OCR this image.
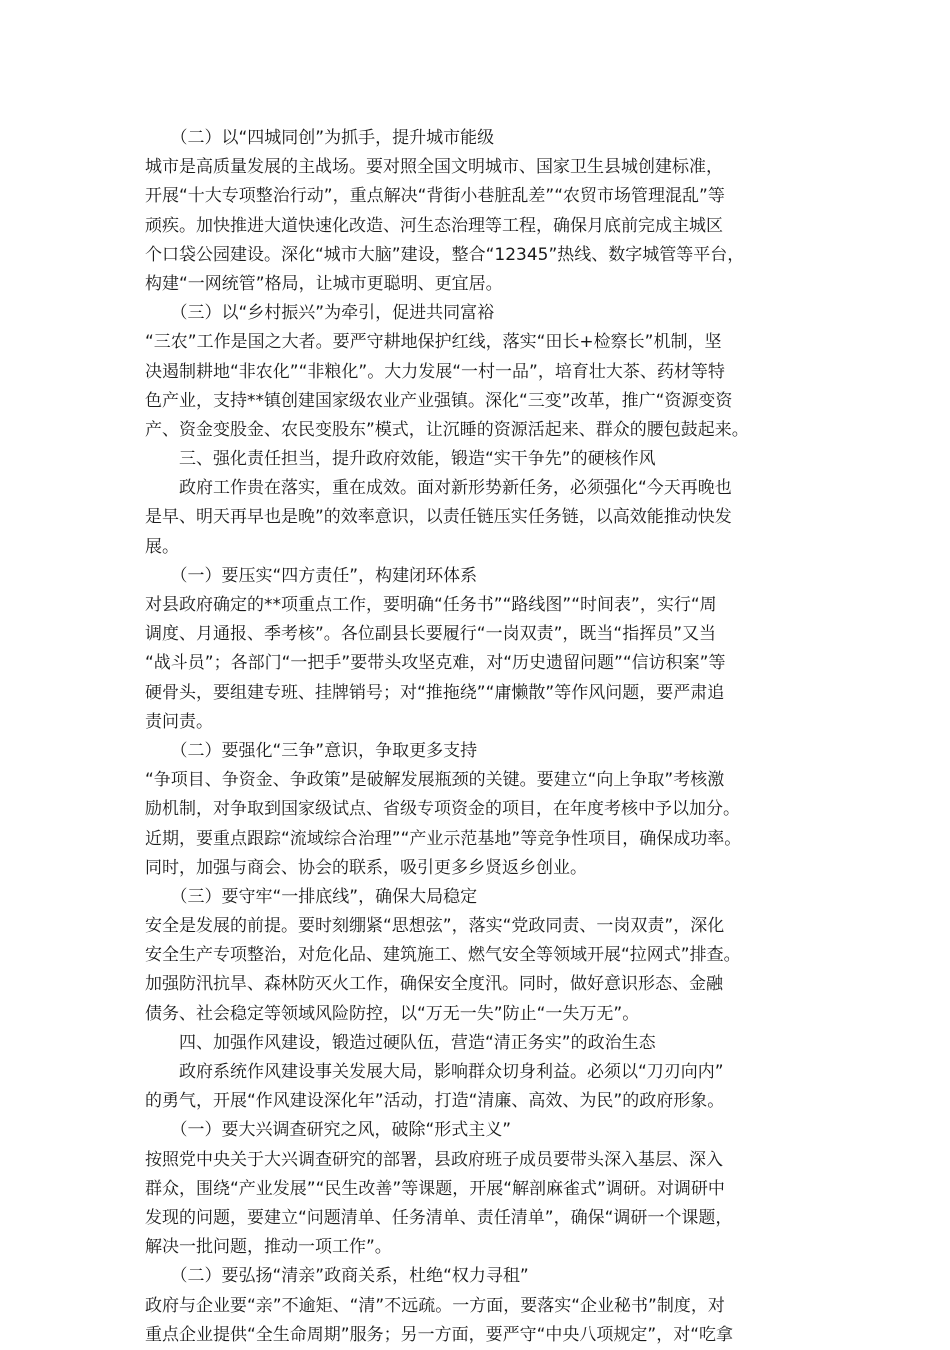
　　（二）以“四城同创”为抓手，提升城市能级
城市是高质量发展的主战场。要对照全国文明城市、国家卫生县城创建标准，
开展“十大专项整治行动”，重点解决“背街小巷脏乱差”“农贸市场管理混乱”等
顽疾。加快推进大道快速化改造、河生态治理等工程，确保月底前完成主城区
个口袋公园建设。深化“城市大脑”建设，整合“12345”热线、数字城管等平台，
构建“一网统管”格局，让城市更聪明、更宜居。
　　（三）以“乡村振兴”为牵引，促进共同富裕
“三农”工作是国之大者。要严守耕地保护红线，落实“田长+检察长”机制，坚
决遏制耕地“非农化”“非粮化”。大力发展“一村一品”，培育壮大茶、药材等特
色产业，支持**镇创建国家级农业产业强镇。深化“三变”改革，推广“资源变资
产、资金变股金、农民变股东”模式，让沉睡的资源活起来、群众的腰包鼓起来。
　　三、强化责任担当，提升政府效能，锻造“实干争先”的硬核作风
　　政府工作贵在落实，重在成效。面对新形势新任务，必须强化“今天再晚也
是早、明天再早也是晚”的效率意识，以责任链压实任务链，以高效能推动快发
展。
　　（一）要压实“四方责任”，构建闭环体系
对县政府确定的**项重点工作，要明确“任务书”“路线图”“时间表”，实行“周
调度、月通报、季考核”。各位副县长要履行“一岗双责”，既当“指挥员”又当
“战斗员”；各部门“一把手”要带头攻坚克难，对“历史遗留问题”“信访积案”等
硬骨头，要组建专班、挂牌销号；对“推拖绕”“庸懒散”等作风问题，要严肃追
责问责。
　　（二）要强化“三争”意识，争取更多支持
“争项目、争资金、争政策”是破解发展瓶颈的关键。要建立“向上争取”考核激
励机制，对争取到国家级试点、省级专项资金的项目，在年度考核中予以加分。
近期，要重点跟踪“流域综合治理”“产业示范基地”等竞争性项目，确保成功率。
同时，加强与商会、协会的联系，吸引更多乡贤返乡创业。
　　（三）要守牢“一排底线”，确保大局稳定
安全是发展的前提。要时刻绷紧“思想弦”，落实“党政同责、一岗双责”，深化
安全生产专项整治，对危化品、建筑施工、燃气安全等领域开展“拉网式”排查。
加强防汛抗旱、森林防灭火工作，确保安全度汛。同时，做好意识形态、金融
债务、社会稳定等领域风险防控，以“万无一失”防止“一失万无”。
　　四、加强作风建设，锻造过硬队伍，营造“清正务实”的政治生态
　　政府系统作风建设事关发展大局，影响群众切身利益。必须以“刀刃向内”
的勇气，开展“作风建设深化年”活动，打造“清廉、高效、为民”的政府形象。
　　（一）要大兴调查研究之风，破除“形式主义”
按照党中央关于大兴调查研究的部署，县政府班子成员要带头深入基层、深入
群众，围绕“产业发展”“民生改善”等课题，开展“解剖麻雀式”调研。对调研中
发现的问题，要建立“问题清单、任务清单、责任清单”，确保“调研一个课题，
解决一批问题，推动一项工作”。
　　（二）要弘扬“清亲”政商关系，杜绝“权力寻租”
政府与企业要“亲”不逾矩、“清”不远疏。一方面，要落实“企业秘书”制度，对
重点企业提供“全生命周期”服务；另一方面，要严守“中央八项规定”，对“吃拿
